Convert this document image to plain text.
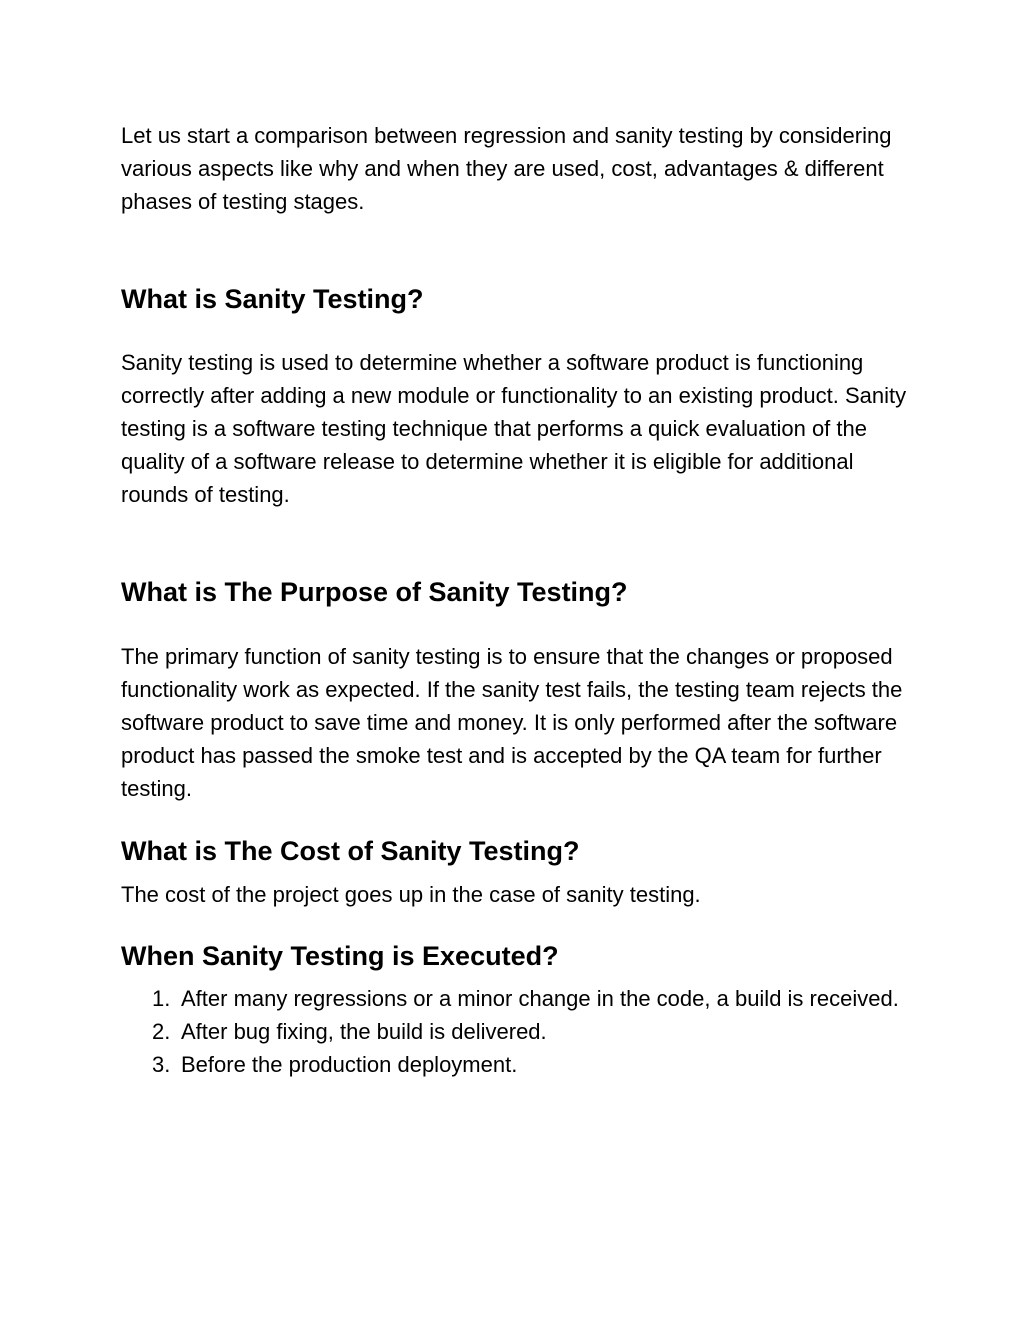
Let us start a comparison between regression and sanity testing by considering various aspects like why and when they are used, cost, advantages & different phases of testing stages.

What is Sanity Testing?

Sanity testing is used to determine whether a software product is functioning correctly after adding a new module or functionality to an existing product. Sanity testing is a software testing technique that performs a quick evaluation of the quality of a software release to determine whether it is eligible for additional rounds of testing.

What is The Purpose of Sanity Testing?

The primary function of sanity testing is to ensure that the changes or proposed functionality work as expected. If the sanity test fails, the testing team rejects the software product to save time and money. It is only performed after the software product has passed the smoke test and is accepted by the QA team for further testing.

What is The Cost of Sanity Testing?

The cost of the project goes up in the case of sanity testing.

When Sanity Testing is Executed?
1. After many regressions or a minor change in the code, a build is received.
2. After bug fixing, the build is delivered.
3. Before the production deployment.
